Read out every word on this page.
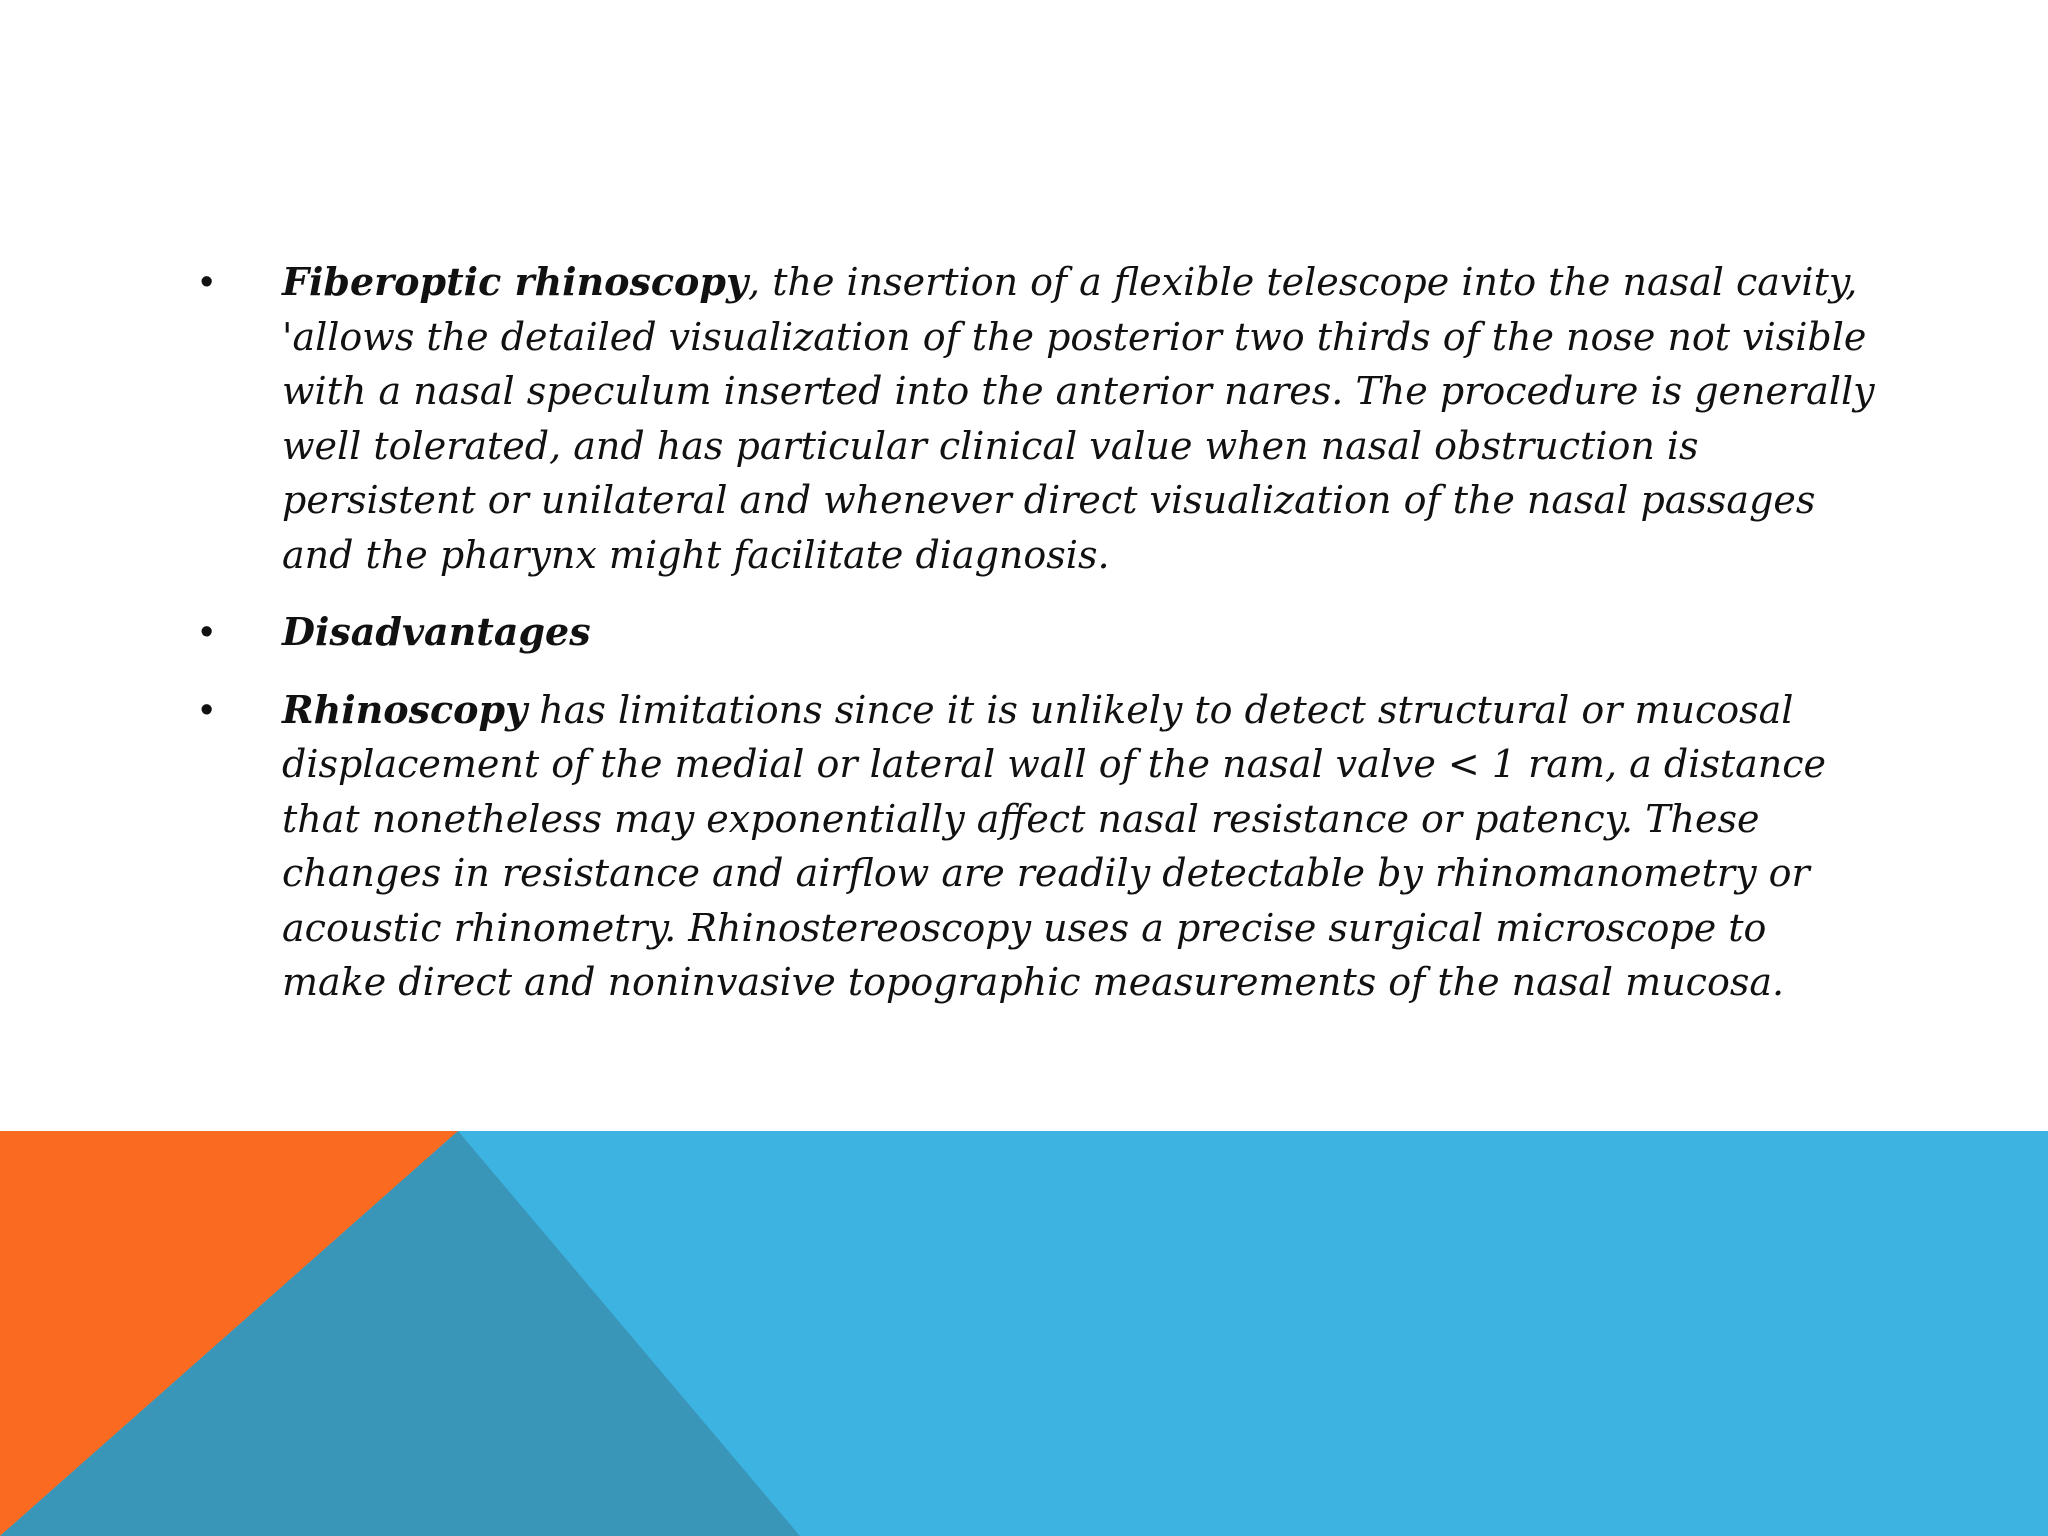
• Fiberoptic rhinoscopy, the insertion of a flexible telescope into the nasal cavity, 'allows the detailed visualization of the posterior two thirds of the nose not visible with a nasal speculum inserted into the anterior nares. The procedure is generally well tolerated, and has particular clinical value when nasal obstruction is persistent or unilateral and whenever direct visualization of the nasal passages and the pharynx might facilitate diagnosis.
• Disadvantages
• Rhinoscopy has limitations since it is unlikely to detect structural or mucosal displacement of the medial or lateral wall of the nasal valve < 1 ram, a distance that nonetheless may exponentially affect nasal resistance or patency. These changes in resistance and airflow are readily detectable by rhinomanometry or acoustic rhinometry. Rhinostereoscopy uses a precise surgical microscope to make direct and noninvasive topographic measurements of the nasal mucosa.
